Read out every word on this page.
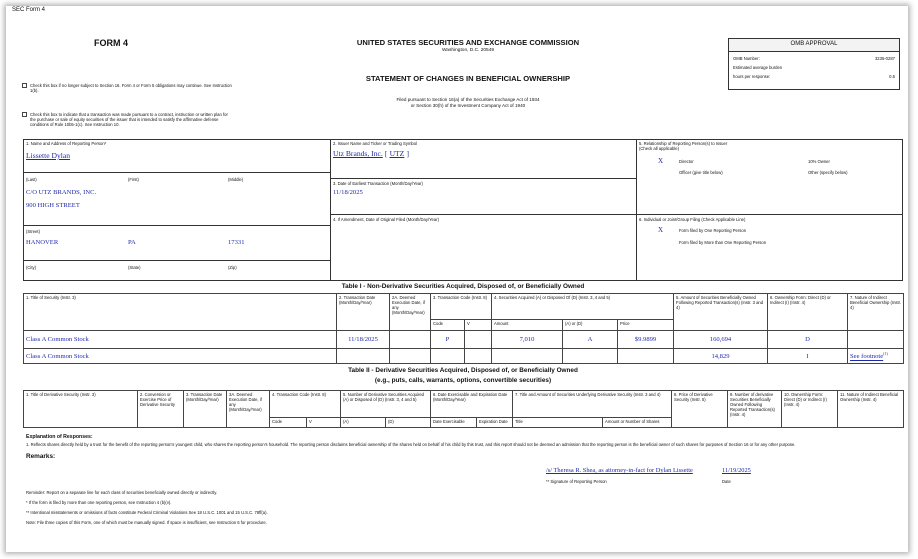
SEC Form 4
FORM 4	UNITED STATES SECURITIES AND EXCHANGE COMMISSION
Washington, D.C. 20549
STATEMENT OF CHANGES IN BENEFICIAL OWNERSHIP
Filed pursuant to Section 16(a) of the Securities Exchange Act of 1934
or Section 30(h) of the Investment Company Act of 1940
OMB APPROVAL
OMB Number:	3235-0287
Estimated average burden
hours per response:	0.5
Check this box if no longer subject to Section 16. Form 4 or Form 5 obligations may continue. See Instruction 1(b).
Check this box to indicate that a transaction was made pursuant to a contract, instruction or written plan for the purchase or sale of equity securities of the issuer that is intended to satisfy the affirmative defense conditions of Rule 10b5-1(c). See Instruction 10.
1. Name and Address of Reporting Person*
Lissette Dylan
(Last)	(First)	(Middle)
C/O UTZ BRANDS, INC.
900 HIGH STREET
(Street)
HANOVER	PA	17331
(City)	(State)	(Zip)
2. Issuer Name and Ticker or Trading Symbol
Utz Brands, Inc. [ UTZ ]
3. Date of Earliest Transaction (Month/Day/Year)
11/18/2025
4. If Amendment, Date of Original Filed (Month/Day/Year)
5. Relationship of Reporting Person(s) to Issuer
(Check all applicable)
X	Director	10% Owner
Officer (give title below)	Other (specify below)
6. Individual or Joint/Group Filing (Check Applicable Line)
X	Form filed by One Reporting Person
Form filed by More than One Reporting Person
Table I - Non-Derivative Securities Acquired, Disposed of, or Beneficially Owned
1. Title of Security (Instr. 3)	2. Transaction Date (Month/Day/Year)	2A. Deemed Execution Date, if any (Month/Day/Year)	3. Transaction Code (Instr. 8)		4. Securities Acquired (A) or Disposed Of (D) (Instr. 3, 4 and 5)			5. Amount of Securities Beneficially Owned Following Reported Transaction(s) (Instr. 3 and 4)	6. Ownership Form: Direct (D) or Indirect (I) (Instr. 4)	7. Nature of Indirect Beneficial Ownership (Instr. 4)
			Code	V	Amount	(A) or (D)	Price			
Class A Common Stock	11/18/2025		P		7,010	A	$9.9899	160,694	D	
Class A Common Stock								14,829	I	See footnote$^{(1)}$
Table II - Derivative Securities Acquired, Disposed of, or Beneficially Owned
(e.g., puts, calls, warrants, options, convertible securities)
1. Title of Derivative Security (Instr. 3)	2. Conversion or Exercise Price of Derivative Security	3. Transaction Date (Month/Day/Year)	3A. Deemed Execution Date, if any (Month/Day/Year)	4. Transaction Code (Instr. 8)		5. Number of Derivative Securities Acquired (A) or Disposed of (D) (Instr. 3, 4 and 5)		6. Date Exercisable and Expiration Date (Month/Day/Year)		7. Title and Amount of Securities Underlying Derivative Security (Instr. 3 and 4)		8. Price of Derivative Security (Instr. 5)	9. Number of derivative Securities Beneficially Owned Following Reported Transaction(s) (Instr. 4)	10. Ownership Form: Direct (D) or Indirect (I) (Instr. 4)	11. Nature of Indirect Beneficial Ownership (Instr. 4)
				Code	V	(A)	(D)	Date Exercisable	Expiration Date	Title	Amount or Number of Shares				
Explanation of Responses:
1. Reflects shares directly held by a trust for the benefit of the reporting person's youngest child, who shares the reporting person's household. The reporting person disclaims beneficial ownership of the shares held on behalf of his child by this trust, and this report should not be deemed an admission that the reporting person is the beneficial owner of such shares for purposes of Section 16 or for any other purpose.
Remarks:
/s/ Theresa R. Shea, as attorney-in-fact for Dylan Lissette	11/19/2025
** Signature of Reporting Person	Date
Reminder: Report on a separate line for each class of securities beneficially owned directly or indirectly.
* If the form is filed by more than one reporting person, see Instruction 4 (b)(v).
** Intentional misstatements or omissions of facts constitute Federal Criminal Violations See 18 U.S.C. 1001 and 15 U.S.C. 78ff(a).
Note: File three copies of this Form, one of which must be manually signed. If space is insufficient, see Instruction 6 for procedure.
